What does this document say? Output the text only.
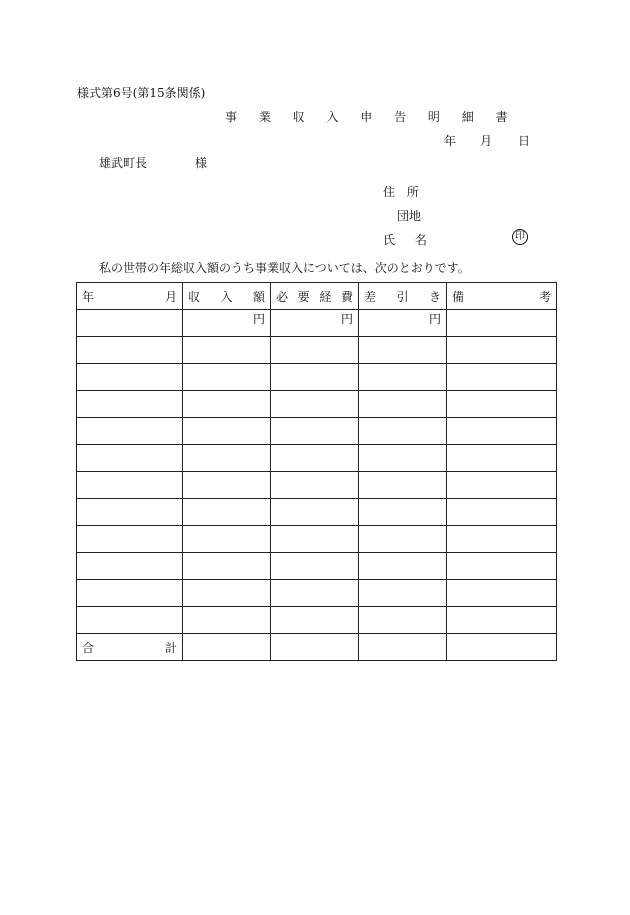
様式第6号(第15条関係)
事 業 収 入 申 告 明 細 書
年 月 日
雄武町長	様
住 所
団地
氏 名	印
私の世帯の年総収入額のうち事業収入については、次のとおりです。
年 月	収 入 額	必 要 経 費	差 引 き	備 考

	円	円	円	

合 計				
